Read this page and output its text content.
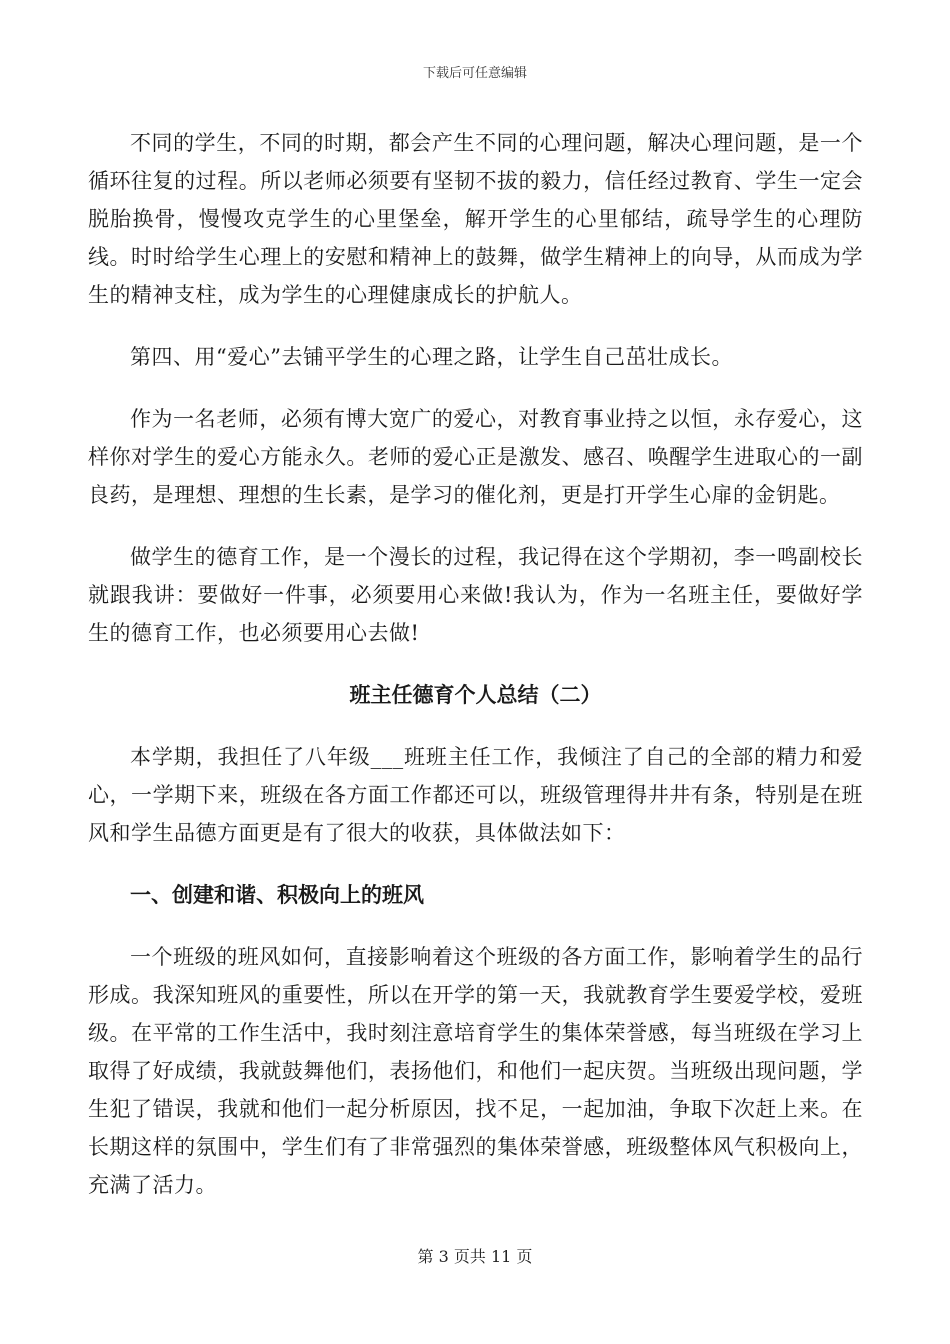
下载后可任意编辑

不同的学生，不同的时期，都会产生不同的心理问题，解决心理问题，是一个循环往复的过程。所以老师必须要有坚韧不拔的毅力，信任经过教育、学生一定会脱胎换骨，慢慢攻克学生的心里堡垒，解开学生的心里郁结，疏导学生的心理防线。时时给学生心理上的安慰和精神上的鼓舞，做学生精神上的向导，从而成为学生的精神支柱，成为学生的心理健康成长的护航人。

第四、用“爱心”去铺平学生的心理之路，让学生自己茁壮成长。

作为一名老师，必须有博大宽广的爱心，对教育事业持之以恒，永存爱心，这样你对学生的爱心方能永久。老师的爱心正是激发、感召、唤醒学生进取心的一副良药，是理想、理想的生长素，是学习的催化剂，更是打开学生心扉的金钥匙。

做学生的德育工作，是一个漫长的过程，我记得在这个学期初，李一鸣副校长就跟我讲：要做好一件事，必须要用心来做!我认为，作为一名班主任，要做好学生的德育工作，也必须要用心去做!

班主任德育个人总结（二）

本学期，我担任了八年级___班班主任工作，我倾注了自己的全部的精力和爱心，一学期下来，班级在各方面工作都还可以，班级管理得井井有条，特别是在班风和学生品德方面更是有了很大的收获，具体做法如下：

一、创建和谐、积极向上的班风

一个班级的班风如何，直接影响着这个班级的各方面工作，影响着学生的品行形成。我深知班风的重要性，所以在开学的第一天，我就教育学生要爱学校，爱班级。在平常的工作生活中，我时刻注意培育学生的集体荣誉感，每当班级在学习上取得了好成绩，我就鼓舞他们，表扬他们，和他们一起庆贺。当班级出现问题，学生犯了错误，我就和他们一起分析原因，找不足，一起加油，争取下次赶上来。在长期这样的氛围中，学生们有了非常强烈的集体荣誉感，班级整体风气积极向上，充满了活力。

第 3 页共 11 页
